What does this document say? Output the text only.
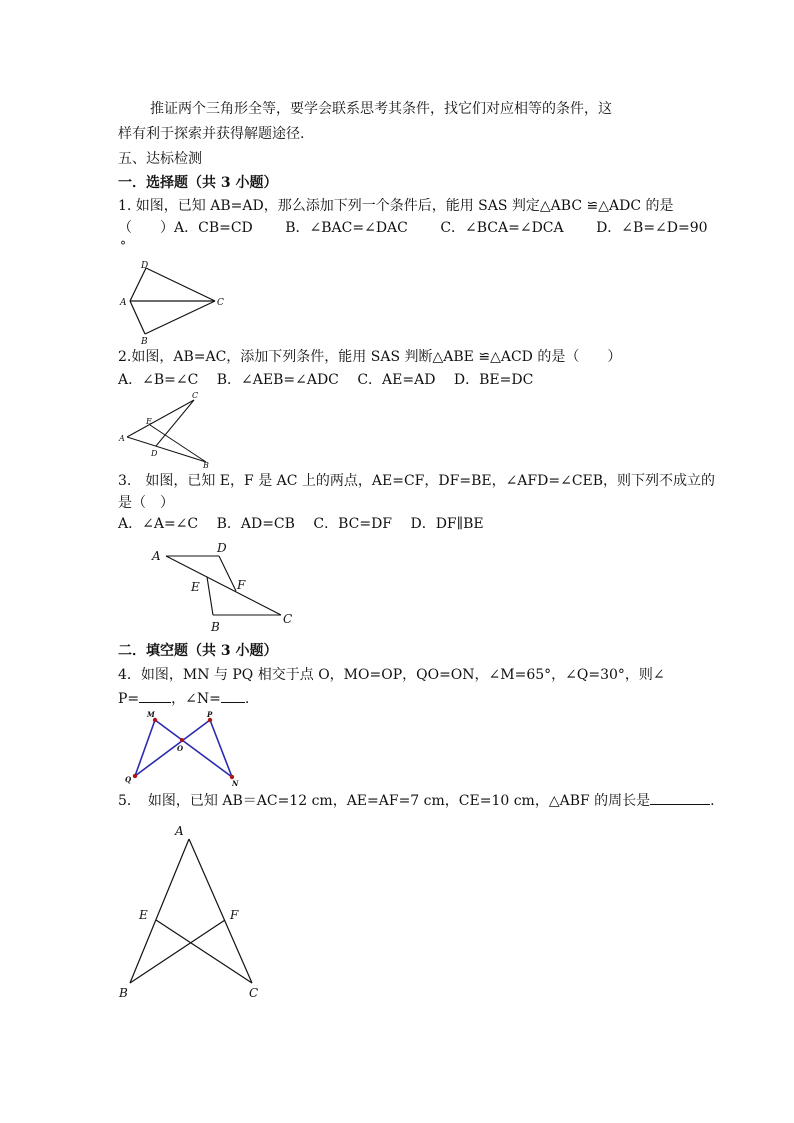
推证两个三角形全等，要学会联系思考其条件，找它们对应相等的条件，这
样有利于探索并获得解题途径.
五、达标检测
一．选择题（共 3 小题）
1. 如图，已知 AB=AD，那么添加下列一个条件后，能用 SAS 判定△ABC ≌△ADC 的是
（　　）A．CB=CD　　 B．∠BAC=∠DAC　　 C．∠BCA=∠DCA　　 D．∠B=∠D=90
°
D
A	C
B
2.如图，AB=AC，添加下列条件，能用 SAS 判断△ABE ≌△ACD 的是（　　）
A．∠B=∠C　 B．∠AEB=∠ADC　 C．AE=AD　 D．BE=DC
C
E
A
D
B
3.　如图，已知 E，F 是 AC 上的两点，AE=CF，DF=BE，∠AFD=∠CEB，则下列不成立的
是（　）
A．∠A=∠C　 B．AD=CB　 C．BC=DF　 D．DF∥BE
A
D
F
E
B
C
二．填空题（共 3 小题）
4．如图，MN 与 PQ 相交于点 O，MO=OP，QO=ON，∠M=65°，∠Q=30°，则∠
P= ，∠N= .
M	P
O
Q	N
5．　如图，已知 AB＝AC=12 cm，AE=AF=7 cm，CE=10 cm，△ABF 的周长是	.
A
E	F
B	C
